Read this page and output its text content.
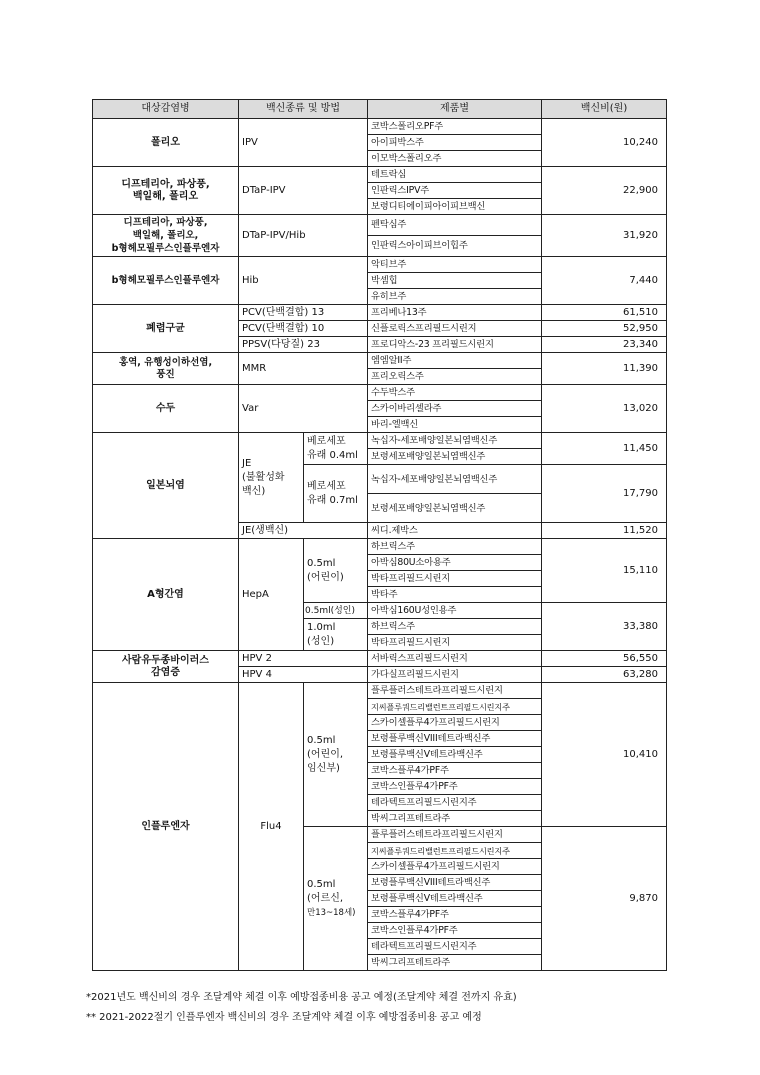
대상감염병	백신종류 및 방법		제품별	백신비(원)
폴리오	IPV		코박스폴리오PF주	10,240
			아이피박스주	
			이모박스폴리오주	
디프테리아, 파상풍,
백일해, 폴리오	DTaP-IPV		테트락심	22,900
			인판릭스IPV주	
			보령디티에이피아이피브백신	
디프테리아, 파상풍,
백일해, 폴리오,
b형헤모필루스인플루엔자	DTaP-IPV/Hib		펜탁심주	31,920
			인판릭스아이피브이힙주	
b형헤모필루스인플루엔자	Hib		악티브주	7,440
			박셈힙	
			유히브주	
폐렴구균	PCV(단백결합) 13		프리베나13주	61,510
	PCV(단백결합) 10		신플로릭스프리필드시린지	52,950
	PPSV(다당질) 23		프로디악스-23 프리필드시린지	23,340
홍역, 유행성이하선염,
풍진	MMR		엠엠알II주	11,390
			프리오릭스주	
수두	Var		수두박스주	13,020
			스카이바리셀라주	
			바리-엘백신	
일본뇌염	JE
(불활성화
백신)	베로세포
유래 0.4ml	녹십자-세포배양일본뇌염백신주	11,450
			보령세포배양일본뇌염백신주	
		베로세포
유래 0.7ml	녹십자-세포배양일본뇌염백신주	17,790
			보령세포배양일본뇌염백신주	
	JE(생백신)		씨디.제박스	11,520
A형간염	HepA	0.5ml
(어린이)	하브릭스주	15,110
			아박심80U소아용주	
			박타프리필드시린지	
			박타주	
		0.5ml(성인)	아박심160U성인용주	33,380
		1.0ml
(성인)	하브릭스주	
			박타프리필드시린지	
사람유두종바이러스
감염증	HPV 2		서바릭스프리필드시린지	56,550
	HPV 4		가다실프리필드시린지	63,280
인플루엔자	Flu4	0.5ml
(어린이,
임신부)	플루플러스테트라프리필드시린지	10,410
			지씨플루쿼드리밸런트프리필드시린지주	
			스카이셀플루4가프리필드시린지	
			보령플루백신VIII테트라백신주	
			보령플루백신V테트라백신주	
			코박스플루4가PF주	
			코박스인플루4가PF주	
			테라텍트프리필드시린지주	
			박씨그리프테트라주	
		0.5ml
(어르신,
만13~18세)	플루플러스테트라프리필드시린지	9,870
			지씨플루쿼드리밸런트프리필드시린지주	
			스카이셀플루4가프리필드시린지	
			보령플루백신VIII테트라백신주	
			보령플루백신V테트라백신주	
			코박스플루4가PF주	
			코박스인플루4가PF주	
			테라텍트프리필드시린지주	
			박씨그리프테트라주	
*2021년도 백신비의 경우 조달계약 체결 이후 예방접종비용 공고 예정(조달계약 체결 전까지 유효)
** 2021-2022절기 인플루엔자 백신비의 경우 조달계약 체결 이후 예방접종비용 공고 예정
